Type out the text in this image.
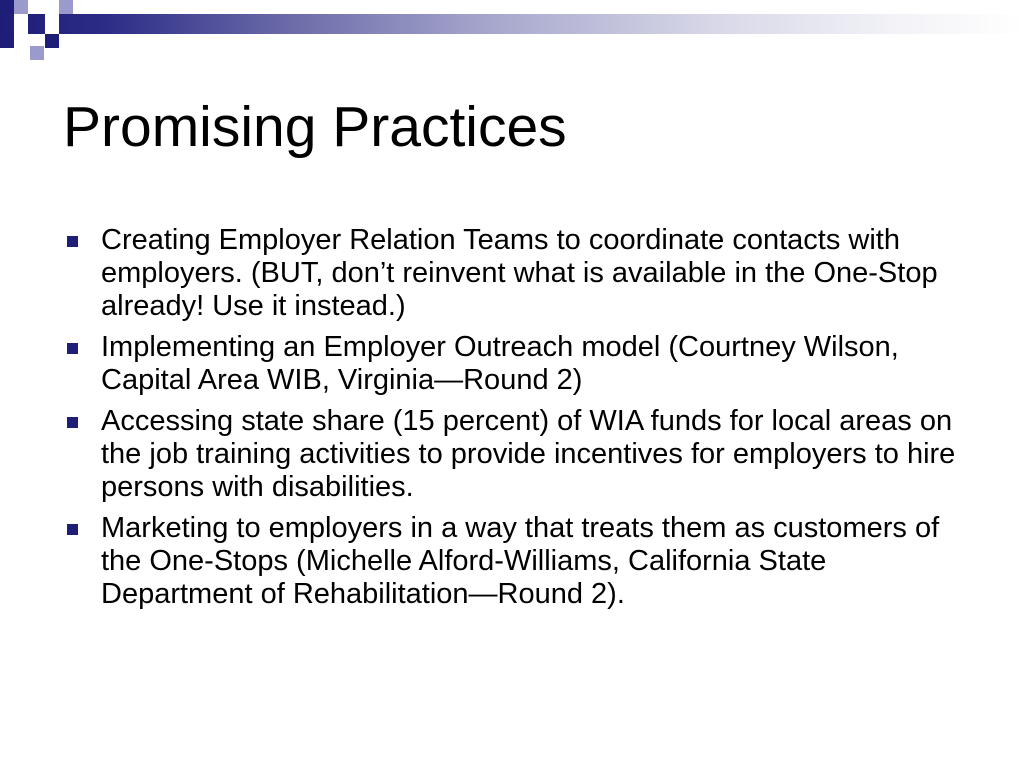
Promising Practices
Creating Employer Relation Teams to coordinate contacts with employers. (BUT, don’t reinvent what is available in the One-Stop already! Use it instead.)
Implementing an Employer Outreach model (Courtney Wilson, Capital Area WIB, Virginia—Round 2)
Accessing state share (15 percent) of WIA funds for local areas on the job training activities to provide incentives for employers to hire persons with disabilities.
Marketing to employers in a way that treats them as customers of the One-Stops (Michelle Alford-Williams, California State Department of Rehabilitation—Round 2).
